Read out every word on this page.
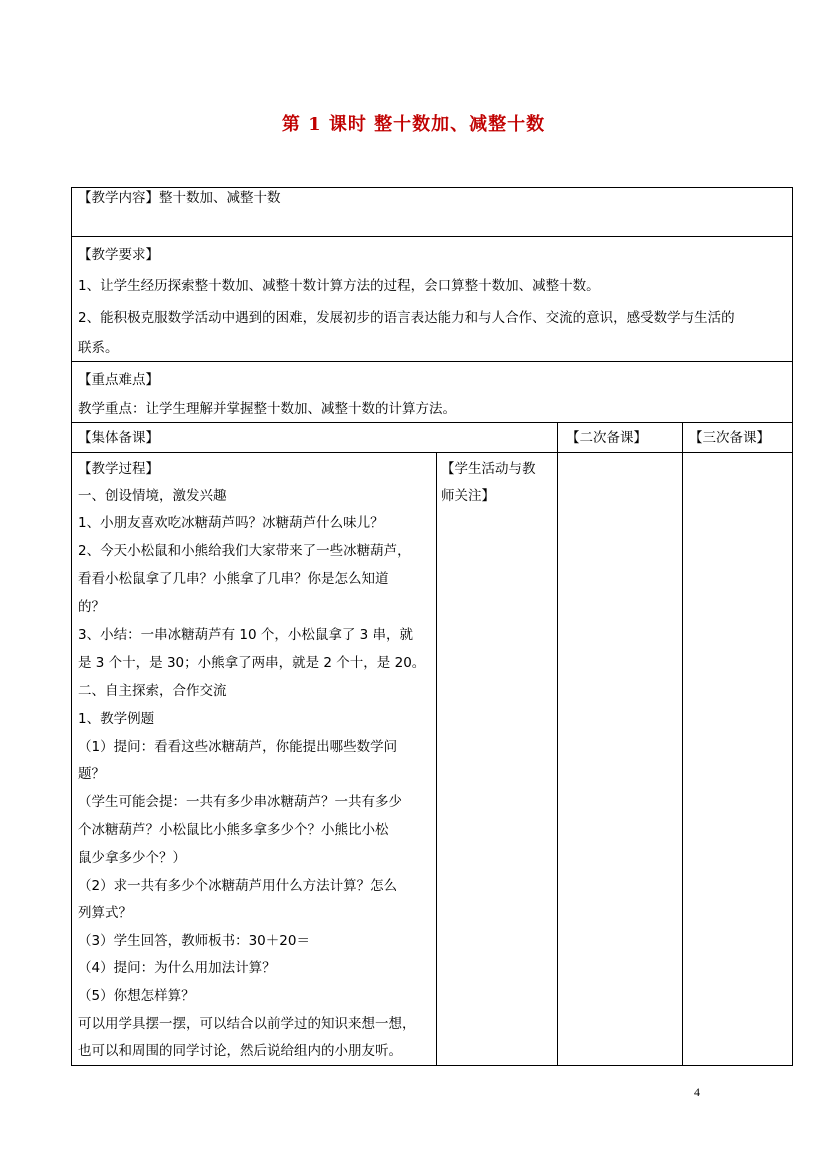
第 1 课时 整十数加、减整十数
【教学内容】整十数加、减整十数
【教学要求】
1、让学生经历探索整十数加、减整十数计算方法的过程，会口算整十数加、减整十数。
2、能积极克服数学活动中遇到的困难，发展初步的语言表达能力和与人合作、交流的意识，感受数学与生活的
联系。
【重点难点】
教学重点：让学生理解并掌握整十数加、减整十数的计算方法。
【集体备课】	【二次备课】	【三次备课】
【学生活动与教
师关注】
【教学过程】
一、创设情境，激发兴趣
1、小朋友喜欢吃冰糖葫芦吗？冰糖葫芦什么味儿？
2、今天小松鼠和小熊给我们大家带来了一些冰糖葫芦，
看看小松鼠拿了几串？小熊拿了几串？你是怎么知道
的？
3、小结：一串冰糖葫芦有 10 个，小松鼠拿了 3 串，就
是 3 个十，是 30；小熊拿了两串，就是 2 个十，是 20。
二、自主探索，合作交流
1、教学例题
（1）提问：看看这些冰糖葫芦，你能提出哪些数学问
题？
（学生可能会提：一共有多少串冰糖葫芦？一共有多少
个冰糖葫芦？小松鼠比小熊多拿多少个？小熊比小松
鼠少拿多少个？）
（2）求一共有多少个冰糖葫芦用什么方法计算？怎么
列算式？
（3）学生回答，教师板书：30＋20＝
（4）提问：为什么用加法计算？
（5）你想怎样算？
可以用学具摆一摆，可以结合以前学过的知识来想一想，
也可以和周围的同学讨论，然后说给组内的小朋友听。
4
